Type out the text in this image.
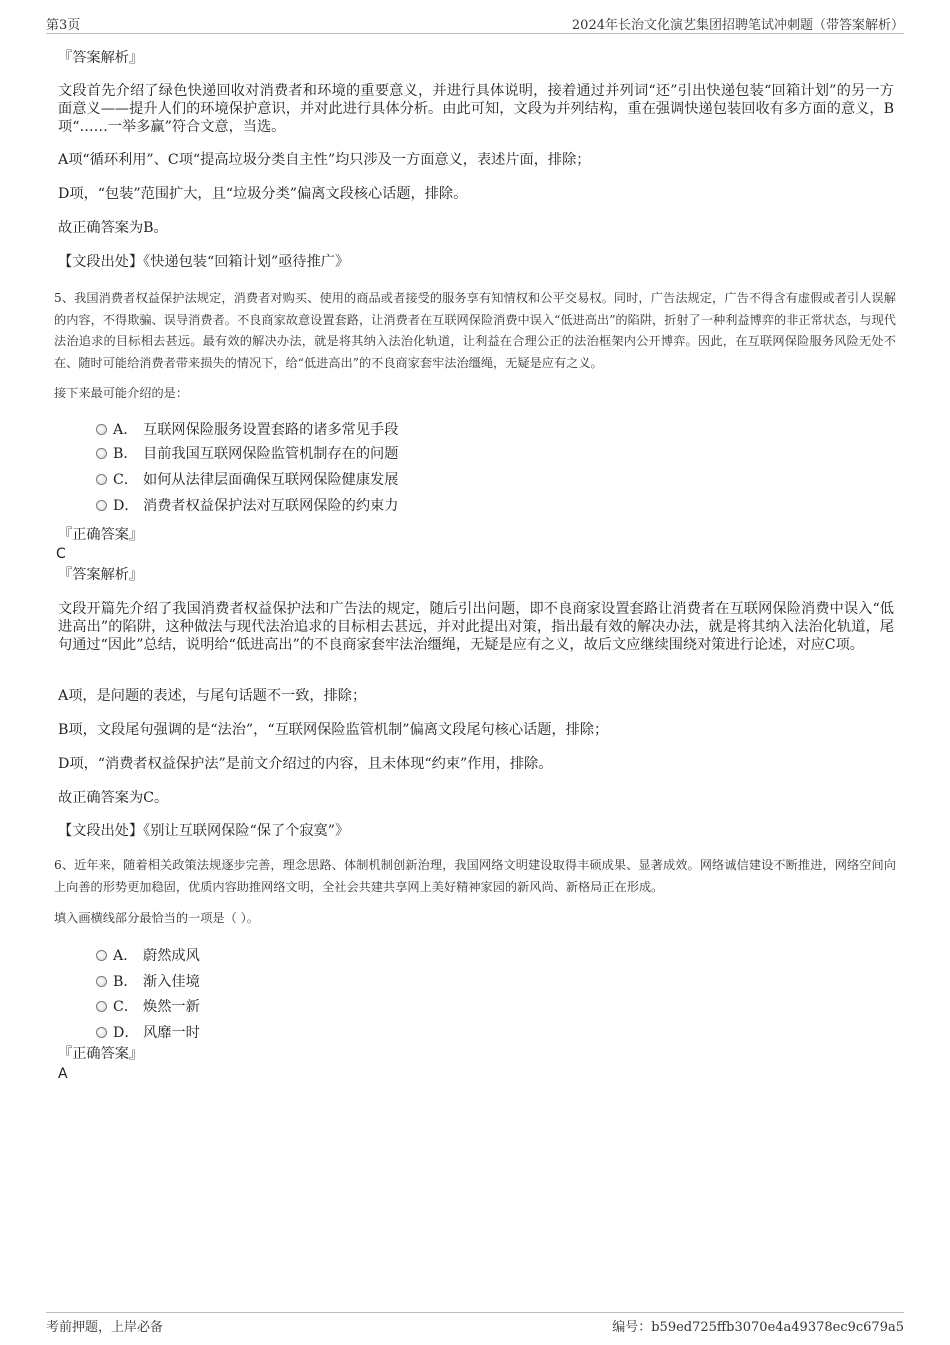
第3页	2024年长治文化演艺集团招聘笔试冲刺题（带答案解析）
『答案解析』
文段首先介绍了绿色快递回收对消费者和环境的重要意义，并进行具体说明，接着通过并列词“还”引出快递包装“回箱计划”的另一方面意义——提升人们的环境保护意识，并对此进行具体分析。由此可知，文段为并列结构，重在强调快递包装回收有多方面的意义，B项“……一举多赢”符合文意，当选。
A项“循环利用”、C项“提高垃圾分类自主性”均只涉及一方面意义，表述片面，排除；
D项，“包装”范围扩大，且“垃圾分类”偏离文段核心话题，排除。
故正确答案为B。
【文段出处】《快递包装“回箱计划”亟待推广》
5、我国消费者权益保护法规定，消费者对购买、使用的商品或者接受的服务享有知情权和公平交易权。同时，广告法规定，广告不得含有虚假或者引人误解的内容，不得欺骗、误导消费者。不良商家故意设置套路，让消费者在互联网保险消费中误入“低进高出”的陷阱，折射了一种利益博弈的非正常状态，与现代法治追求的目标相去甚远。最有效的解决办法，就是将其纳入法治化轨道，让利益在合理公正的法治框架内公开博弈。因此，在互联网保险服务风险无处不在、随时可能给消费者带来损失的情况下，给“低进高出”的不良商家套牢法治缰绳，无疑是应有之义。
接下来最可能介绍的是：
A． 互联网保险服务设置套路的诸多常见手段
B． 目前我国互联网保险监管机制存在的问题
C． 如何从法律层面确保互联网保险健康发展
D． 消费者权益保护法对互联网保险的约束力
『正确答案』
C
『答案解析』
文段开篇先介绍了我国消费者权益保护法和广告法的规定，随后引出问题，即不良商家设置套路让消费者在互联网保险消费中误入“低进高出”的陷阱，这种做法与现代法治追求的目标相去甚远，并对此提出对策，指出最有效的解决办法，就是将其纳入法治化轨道，尾句通过“因此”总结，说明给“低进高出”的不良商家套牢法治缰绳，无疑是应有之义，故后文应继续围绕对策进行论述，对应C项。
A项，是问题的表述，与尾句话题不一致，排除；
B项，文段尾句强调的是“法治”，“互联网保险监管机制”偏离文段尾句核心话题，排除；
D项，“消费者权益保护法”是前文介绍过的内容，且未体现“约束”作用，排除。
故正确答案为C。
【文段出处】《别让互联网保险“保了个寂寞”》
6、近年来，随着相关政策法规逐步完善，理念思路、体制机制创新治理，我国网络文明建设取得丰硕成果、显著成效。网络诚信建设不断推进，网络空间向上向善的形势更加稳固，优质内容助推网络文明，全社会共建共享网上美好精神家园的新风尚、新格局正在形成。
填入画横线部分最恰当的一项是（ ）。
A． 蔚然成风
B． 渐入佳境
C． 焕然一新
D． 风靡一时
『正确答案』
A
考前押题，上岸必备	编号：b59ed725ffb3070e4a49378ec9c679a5
